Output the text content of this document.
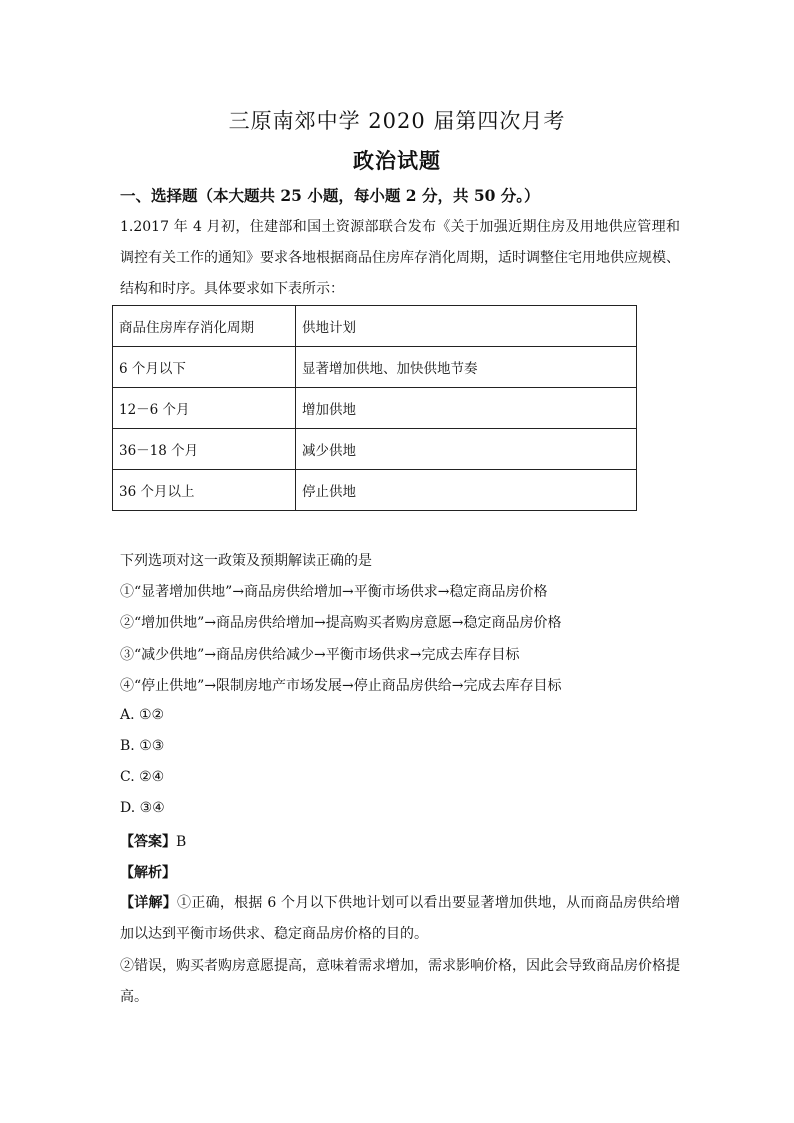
三原南郊中学 2020 届第四次月考
政治试题
一、选择题（本大题共 25 小题，每小题 2 分，共 50 分。）
1.2017 年 4 月初，住建部和国土资源部联合发布《关于加强近期住房及用地供应管理和调控有关工作的通知》要求各地根据商品住房库存消化周期，适时调整住宅用地供应规模、结构和时序。具体要求如下表所示：
商品住房库存消化周期	供地计划
6 个月以下	显著增加供地、加快供地节奏
12－6 个月	增加供地
36－18 个月	减少供地
36 个月以上	停止供地
下列选项对这一政策及预期解读正确的是
①“显著增加供地”→商品房供给增加→平衡市场供求→稳定商品房价格
②“增加供地”→商品房供给增加→提高购买者购房意愿→稳定商品房价格
③“减少供地”→商品房供给减少→平衡市场供求→完成去库存目标
④“停止供地”→限制房地产市场发展→停止商品房供给→完成去库存目标
A. ①②
B. ①③
C. ②④
D. ③④
【答案】B
【解析】
【详解】①正确，根据 6 个月以下供地计划可以看出要显著增加供地，从而商品房供给增加以达到平衡市场供求、稳定商品房价格的目的。
②错误，购买者购房意愿提高，意味着需求增加，需求影响价格，因此会导致商品房价格提高。
